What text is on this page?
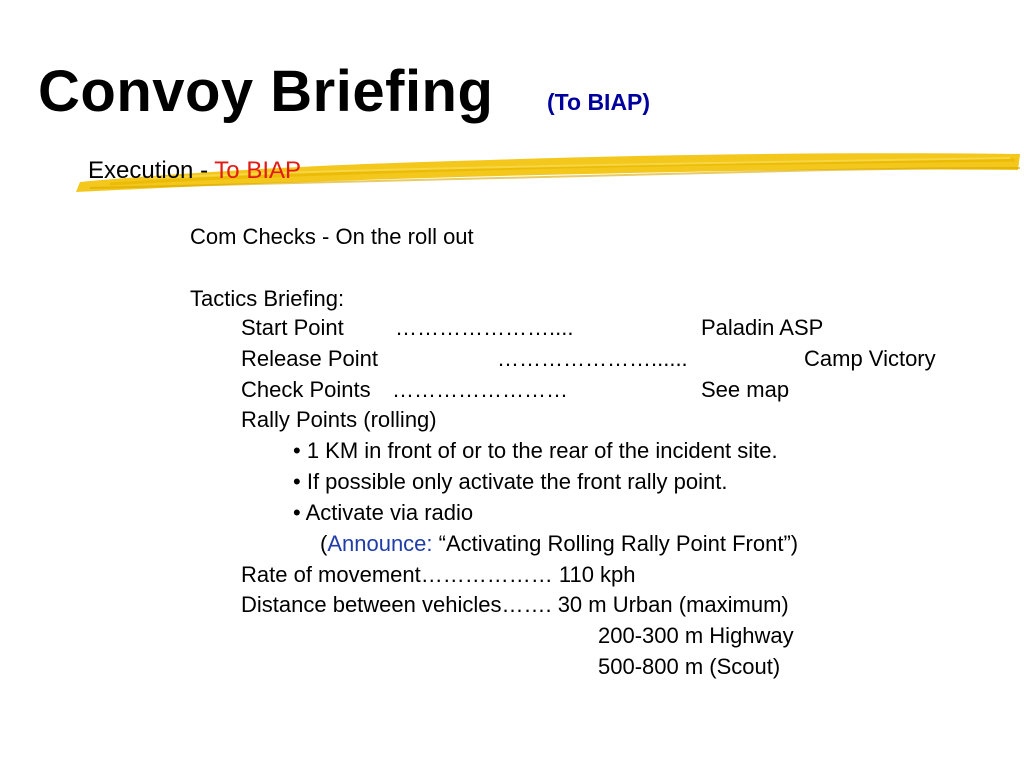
Convoy Briefing (To BIAP)
Execution - To BIAP
Com Checks - On the roll out
Tactics Briefing:
Start Point …………………....	Paladin ASP
Release Point	…………………......	Camp Victory
Check Points ……………………	See map
Rally Points (rolling)
• 1 KM in front of or to the rear of the incident site.
• If possible only activate the front rally point.
• Activate via radio
(Announce: “Activating Rolling Rally Point Front”)
Rate of movement……………… 110 kph
Distance between vehicles……. 30 m Urban (maximum)
200-300 m Highway
500-800 m (Scout)
